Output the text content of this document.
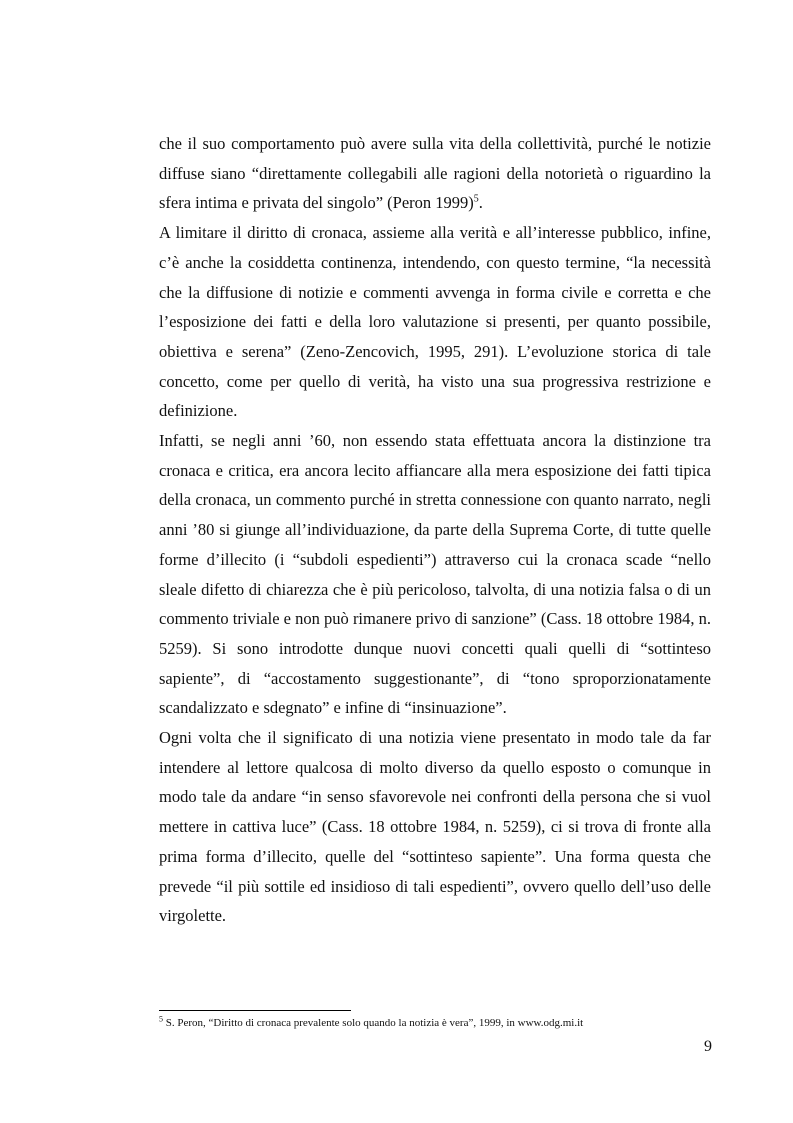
che il suo comportamento può avere sulla vita della collettività, purché le notizie diffuse siano “direttamente collegabili alle ragioni della notorietà o riguardino la sfera intima e privata del singolo” (Peron 1999)$^5$.

A limitare il diritto di cronaca, assieme alla verità e all’interesse pubblico, infine, c’è anche la cosiddetta continenza, intendendo, con questo termine, “la necessità che la diffusione di notizie e commenti avvenga in forma civile e corretta e che l’esposizione dei fatti e della loro valutazione si presenti, per quanto possibile, obiettiva e serena” (Zeno-Zencovich, 1995, 291). L’evoluzione storica di tale concetto, come per quello di verità, ha visto una sua progressiva restrizione e definizione.

Infatti, se negli anni ’60, non essendo stata effettuata ancora la distinzione tra cronaca e critica, era ancora lecito affiancare alla mera esposizione dei fatti tipica della cronaca, un commento purché in stretta connessione con quanto narrato, negli anni ’80 si giunge all’individuazione, da parte della Suprema Corte, di tutte quelle forme d’illecito (i “subdoli espedienti”) attraverso cui la cronaca scade “nello sleale difetto di chiarezza che è più pericoloso, talvolta, di una notizia falsa o di un commento triviale e non può rimanere privo di sanzione” (Cass. 18 ottobre 1984, n. 5259). Si sono introdotte dunque nuovi concetti quali quelli di “sottinteso sapiente”, di “accostamento suggestionante”, di “tono sproporzionatamente scandalizzato e sdegnato” e infine di “insinuazione”.

Ogni volta che il significato di una notizia viene presentato in modo tale da far intendere al lettore qualcosa di molto diverso da quello esposto o comunque in modo tale da andare “in senso sfavorevole nei confronti della persona che si vuol mettere in cattiva luce” (Cass. 18 ottobre 1984, n. 5259), ci si trova di fronte alla prima forma d’illecito, quelle del “sottinteso sapiente”. Una forma questa che prevede “il più sottile ed insidioso di tali espedienti”, ovvero quello dell’uso delle virgolette.

$^5$ S. Peron, “Diritto di cronaca prevalente solo quando la notizia è vera”, 1999, in www.odg.mi.it
9
